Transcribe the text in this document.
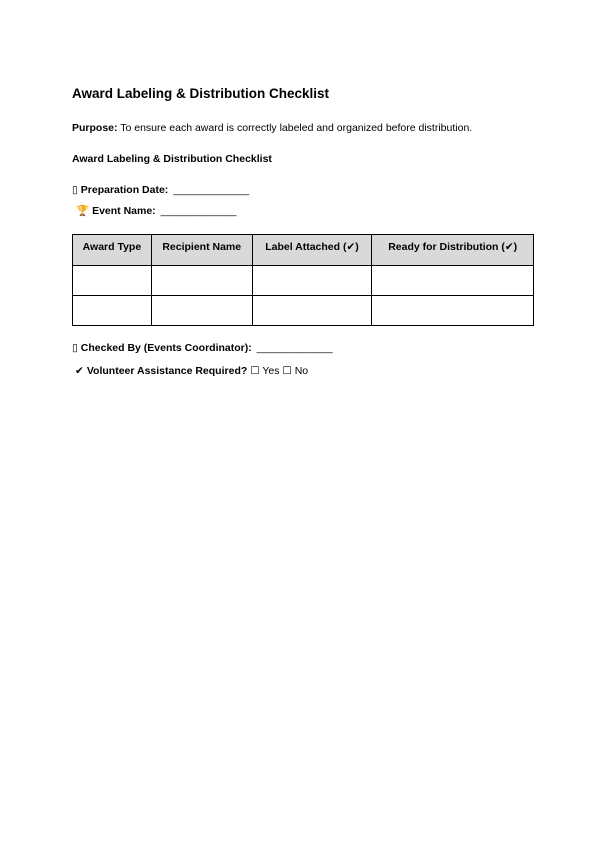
Award Labeling & Distribution Checklist
Purpose: To ensure each award is correctly labeled and organized before distribution.
Award Labeling & Distribution Checklist
▯ Preparation Date: _____________
🏆 Event Name: _____________
Award Type	Recipient Name	Label Attached (✔)	Ready for Distribution (✔)

▯ Checked By (Events Coordinator): _____________
✔ Volunteer Assistance Required? ☐ Yes ☐ No
